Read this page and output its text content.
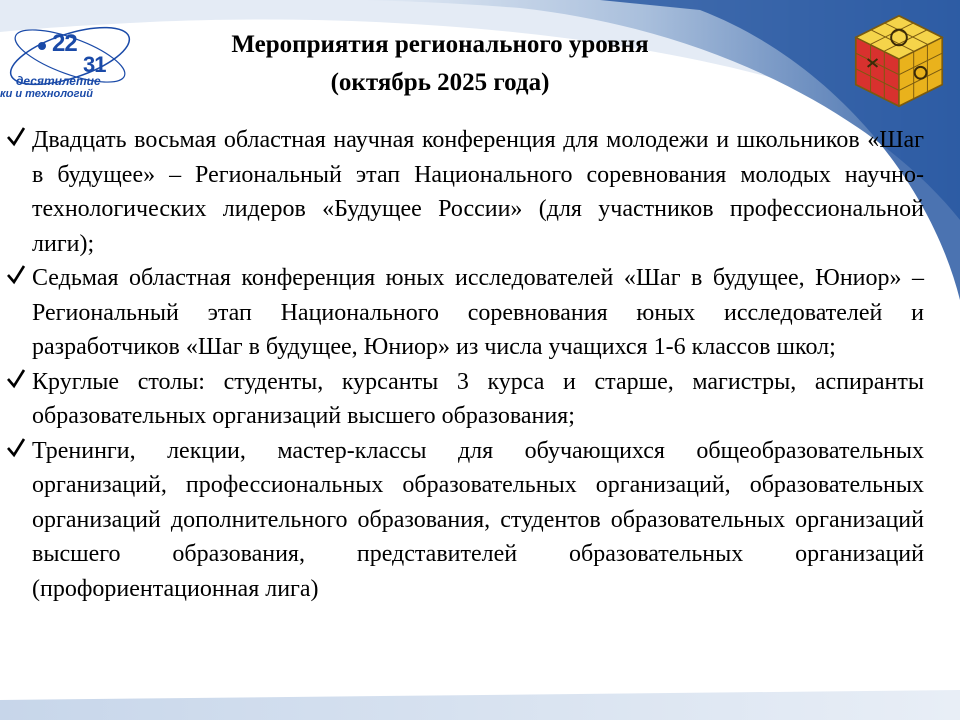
22
31
десятилетие
ки и технологий
Мероприятия регионального уровня
(октябрь 2025 года)

Двадцать восьмая областная научная конференция для молодежи и школьников «Шаг в будущее» – Региональный этап Национального соревнования молодых научно-технологических лидеров «Будущее России» (для участников профессиональной лиги);

Седьмая областная конференция юных исследователей «Шаг в будущее, Юниор» – Региональный этап Национального соревнования юных исследователей и разработчиков «Шаг в будущее, Юниор» из числа учащихся 1-6 классов школ;

Круглые столы: студенты, курсанты 3 курса и старше, магистры, аспиранты образовательных организаций высшего образования;

Тренинги, лекции, мастер-классы для обучающихся общеобразовательных организаций, профессиональных образовательных организаций, образовательных организаций дополнительного образования, студентов образовательных организаций высшего образования, представителей образовательных организаций (профориентационная лига)
